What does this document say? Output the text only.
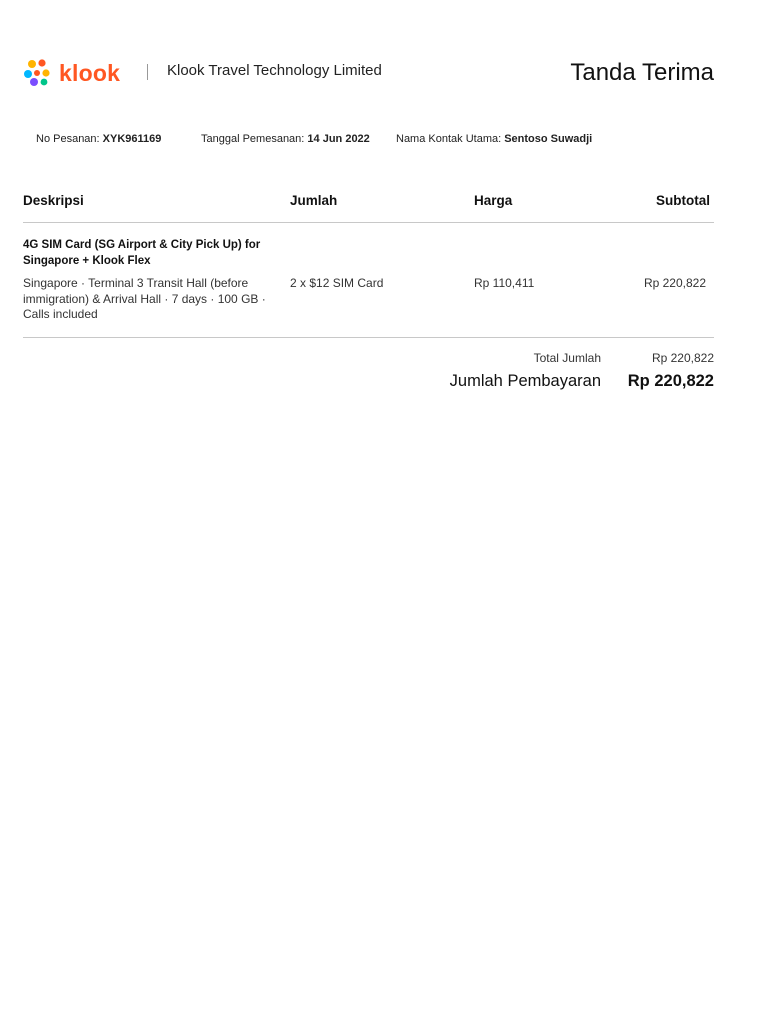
klook	Klook Travel Technology Limited	Tanda Terima
No Pesanan: XYK961169	Tanggal Pemesanan: 14 Jun 2022 Nama Kontak Utama: Sentoso Suwadji
Deskripsi	Jumlah	Harga	Subtotal
4G SIM Card (SG Airport & City Pick Up) for Singapore + Klook Flex
Singapore · Terminal 3 Transit Hall (before immigration) & Arrival Hall · 7 days · 100 GB · Calls included
2 x $12 SIM Card	Rp 110,411	Rp 220,822
Total Jumlah	Rp 220,822
Jumlah Pembayaran Rp 220,822
